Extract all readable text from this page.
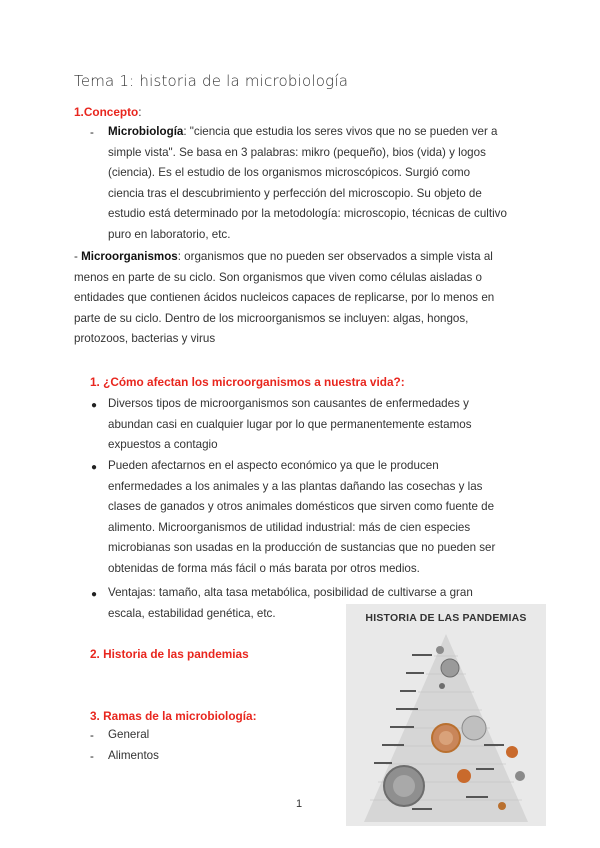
Tema 1: historia de la microbiología
1.Concepto:
- Microbiología: "ciencia que estudia los seres vivos que no se pueden ver a
simple vista". Se basa en 3 palabras: mikro (pequeño), bios (vida) y logos
(ciencia). Es el estudio de los organismos microscópicos. Surgió como
ciencia tras el descubrimiento y perfección del microscopio. Su objeto de
estudio está determinado por la metodología: microscopio, técnicas de cultivo
puro en laboratorio, etc.
- Microorganismos: organismos que no pueden ser observados a simple vista al
menos en parte de su ciclo. Son organismos que viven como células aisladas o
entidades que contienen ácidos nucleicos capaces de replicarse, por lo menos en
parte de su ciclo. Dentro de los microorganismos se incluyen: algas, hongos,
protozoos, bacterias y virus
1. ¿Cómo afectan los microorganismos a nuestra vida?:
● Diversos tipos de microorganismos son causantes de enfermedades y
abundan casi en cualquier lugar por lo que permanentemente estamos
expuestos a contagio
● Pueden afectarnos en el aspecto económico ya que le producen
enfermedades a los animales y a las plantas dañando las cosechas y las
clases de ganados y otros animales domésticos que sirven como fuente de
alimento. Microorganismos de utilidad industrial: más de cien especies
microbianas son usadas en la producción de sustancias que no pueden ser
obtenidas de forma más fácil o más barata por otros medios.
● Ventajas: tamaño, alta tasa metabólica, posibilidad de cultivarse a gran
escala, estabilidad genética, etc.
2. Historia de las pandemias
3. Ramas de la microbiología:
- General
- Alimentos
HISTORIA DE LAS PANDEMIAS
1
